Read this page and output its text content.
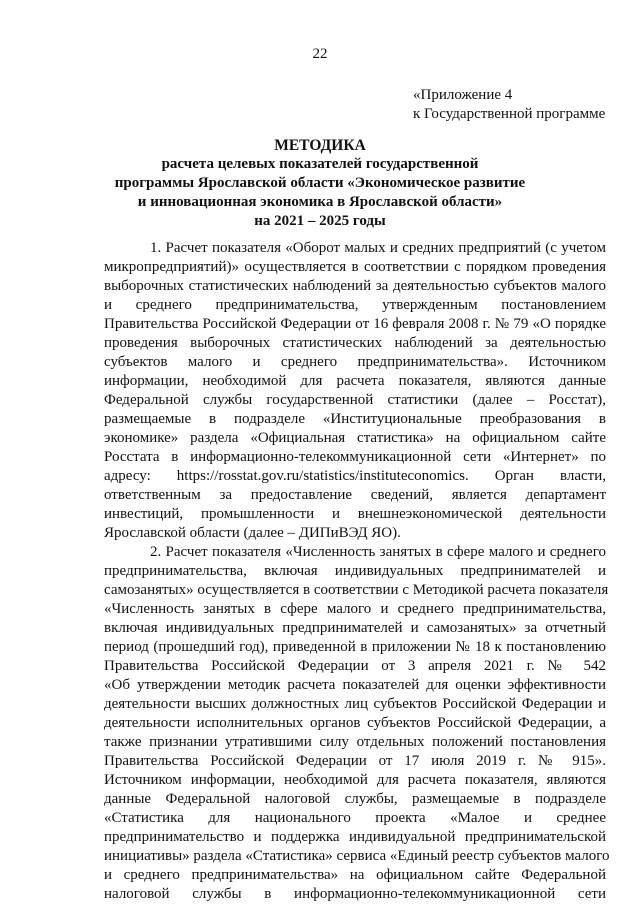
22
«Приложение 4
к Государственной программе
МЕТОДИКА
расчета целевых показателей государственной
программы Ярославской области «Экономическое развитие
и инновационная экономика в Ярославской области»
на 2021 – 2025 годы
1. Расчет показателя «Оборот малых и средних предприятий (с учетом
микропредприятий)» осуществляется в соответствии с порядком проведения
выборочных статистических наблюдений за деятельностью субъектов малого
и среднего предпринимательства, утвержденным постановлением
Правительства Российской Федерации от 16 февраля 2008 г. № 79 «О порядке
проведения выборочных статистических наблюдений за деятельностью
субъектов малого и среднего предпринимательства». Источником
информации, необходимой для расчета показателя, являются данные
Федеральной службы государственной статистики (далее – Росстат),
размещаемые в подразделе «Институциональные преобразования в
экономике» раздела «Официальная статистика» на официальном сайте
Росстата в информационно-телекоммуникационной сети «Интернет» по
адресу: https://rosstat.gov.ru/statistics/instituteconomics. Орган власти,
ответственным за предоставление сведений, является департамент
инвестиций, промышленности и внешнеэкономической деятельности
Ярославской области (далее – ДИПиВЭД ЯО).
2. Расчет показателя «Численность занятых в сфере малого и среднего
предпринимательства, включая индивидуальных предпринимателей и
самозанятых» осуществляется в соответствии с Методикой расчета показателя
«Численность занятых в сфере малого и среднего предпринимательства,
включая индивидуальных предпринимателей и самозанятых» за отчетный
период (прошедший год), приведенной в приложении № 18 к постановлению
Правительства Российской Федерации от 3 апреля 2021 г. № 542
«Об утверждении методик расчета показателей для оценки эффективности
деятельности высших должностных лиц субъектов Российской Федерации и
деятельности исполнительных органов субъектов Российской Федерации, а
также признании утратившими силу отдельных положений постановления
Правительства Российской Федерации от 17 июля 2019 г. № 915».
Источником информации, необходимой для расчета показателя, являются
данные Федеральной налоговой службы, размещаемые в подразделе
«Статистика для национального проекта «Малое и среднее
предпринимательство и поддержка индивидуальной предпринимательской
инициативы» раздела «Статистика» сервиса «Единый реестр субъектов малого
и среднего предпринимательства» на официальном сайте Федеральной
налоговой службы в информационно-телекоммуникационной сети
